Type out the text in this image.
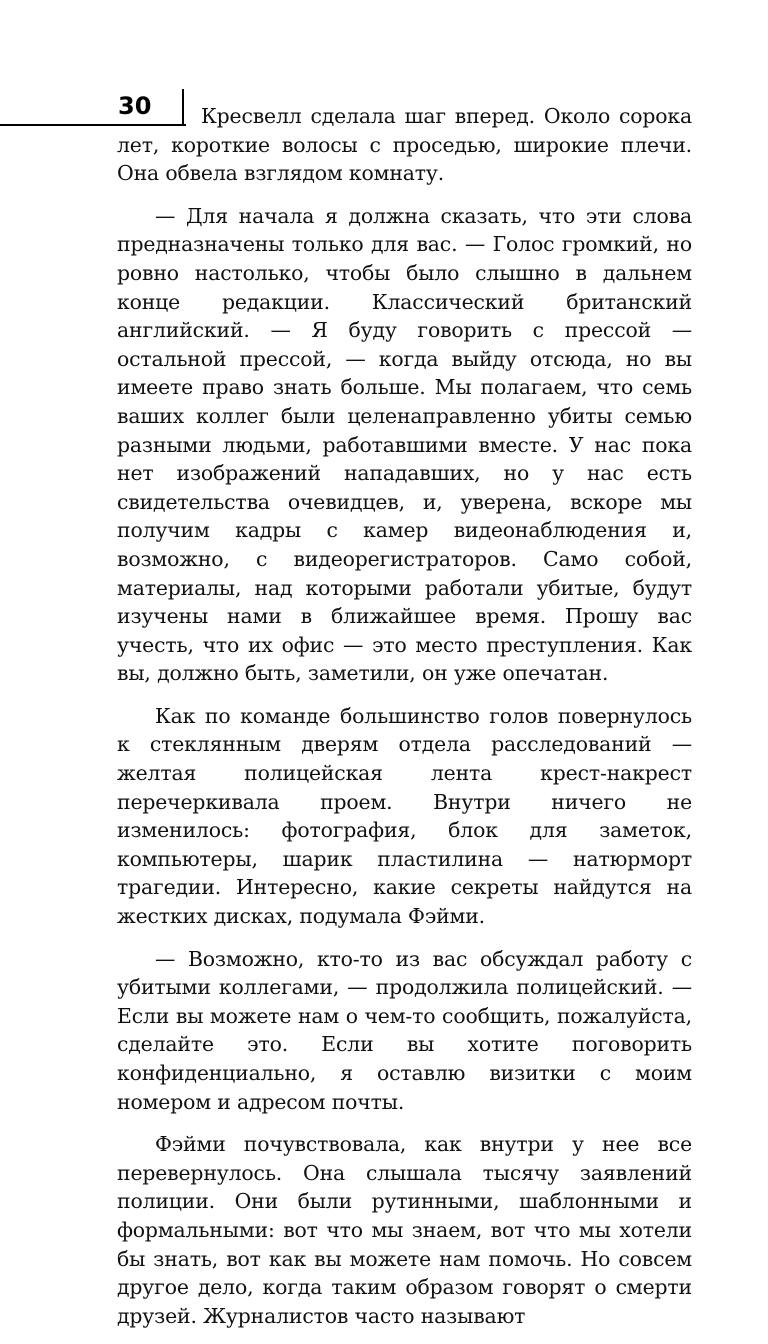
30	Кресвелл сделала шаг вперед. Около сорока лет, короткие волосы с проседью, широкие плечи. Она обвела взглядом комнату.

— Для начала я должна сказать, что эти слова предназначены только для вас. — Голос громкий, но ровно настолько, чтобы было слышно в дальнем конце редакции. Классический британский английский. — Я буду говорить с прессой — остальной прессой, — когда выйду отсюда, но вы имеете право знать больше. Мы полагаем, что семь ваших коллег были целенаправленно убиты семью разными людьми, работавшими вместе. У нас пока нет изображений нападавших, но у нас есть свидетельства очевидцев, и, уверена, вскоре мы получим кадры с камер видеонаблюдения и, возможно, с видеорегистраторов. Само собой, материалы, над которыми работали убитые, будут изучены нами в ближайшее время. Прошу вас учесть, что их офис — это место преступления. Как вы, должно быть, заметили, он уже опечатан.

Как по команде большинство голов повернулось к стеклянным дверям отдела расследований — желтая полицейская лента крест-накрест перечеркивала проем. Внутри ничего не изменилось: фотография, блок для заметок, компьютеры, шарик пластилина — натюрморт трагедии. Интересно, какие секреты найдутся на жестких дисках, подумала Фэйми.

— Возможно, кто-то из вас обсуждал работу с убитыми коллегами, — продолжила полицейский. — Если вы можете нам о чем-то сообщить, пожалуйста, сделайте это. Если вы хотите поговорить конфиденциально, я оставлю визитки с моим номером и адресом почты.

Фэйми почувствовала, как внутри у нее все перевернулось. Она слышала тысячу заявлений полиции. Они были рутинными, шаблонными и формальными: вот что мы знаем, вот что мы хотели бы знать, вот как вы можете нам помочь. Но совсем другое дело, когда таким образом говорят о смерти друзей. Журналистов часто называют
